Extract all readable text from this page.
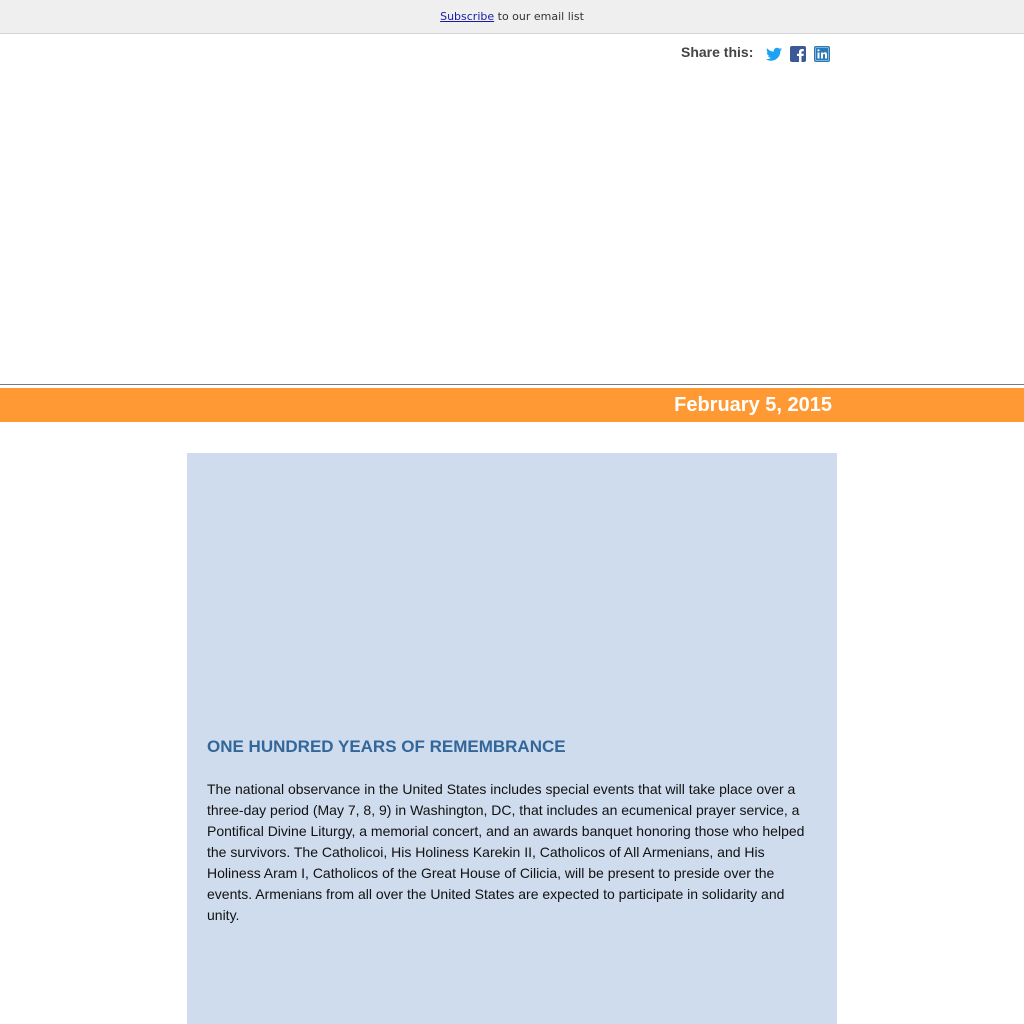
Subscribe to our email list
Share this:
February 5, 2015
ONE HUNDRED YEARS OF REMEMBRANCE

The national observance in the United States includes special events that will take place over a three-day period (May 7, 8, 9) in Washington, DC, that includes an ecumenical prayer service, a Pontifical Divine Liturgy, a memorial concert, and an awards banquet honoring those who helped the survivors. The Catholicoi, His Holiness Karekin II, Catholicos of All Armenians, and His Holiness Aram I, Catholicos of the Great House of Cilicia, will be present to preside over the events. Armenians from all over the United States are expected to participate in solidarity and unity.
